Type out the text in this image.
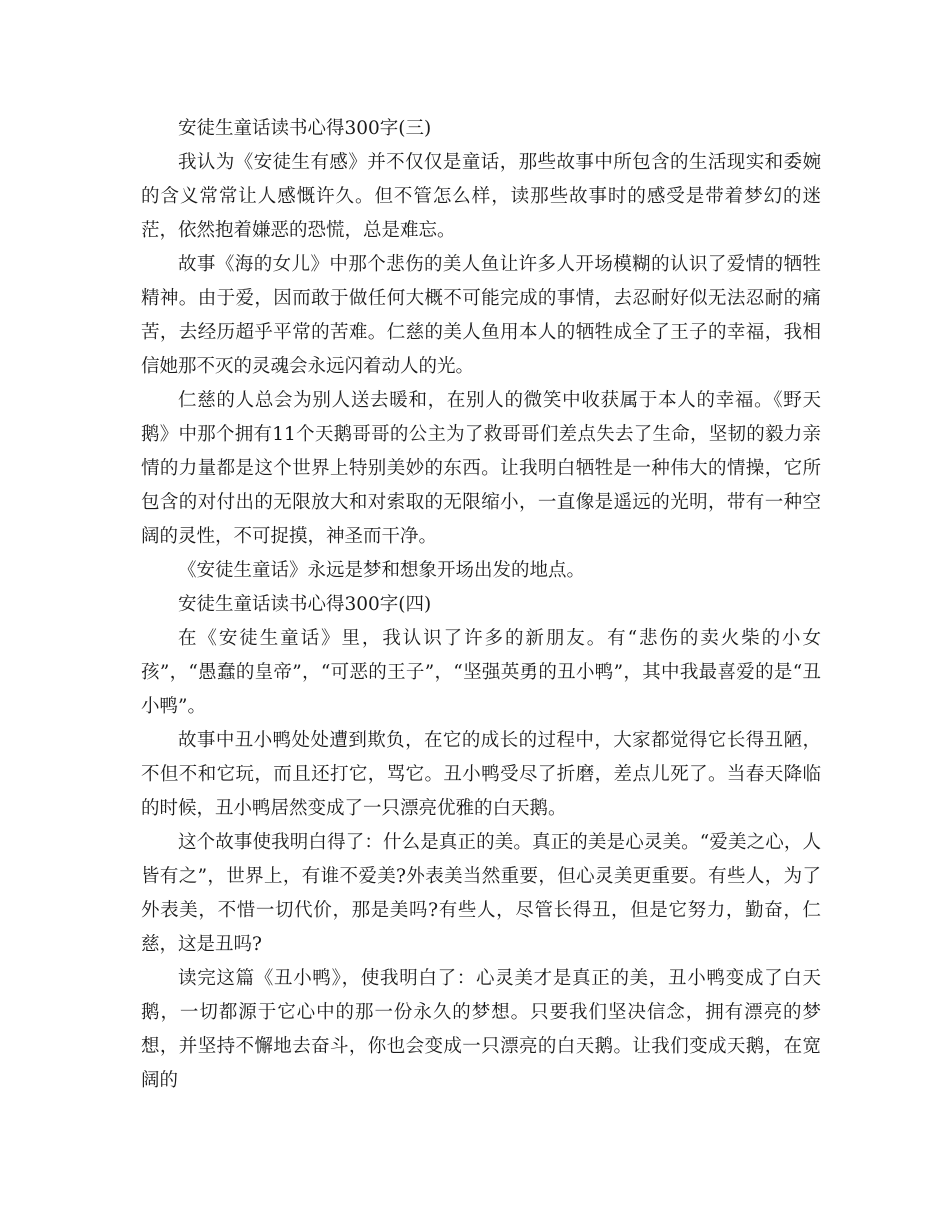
安徒生童话读书心得300字(三)

我认为《安徒生有感》并不仅仅是童话，那些故事中所包含的生活现实和委婉的含义常常让人感慨许久。但不管怎么样，读那些故事时的感受是带着梦幻的迷茫，依然抱着嫌恶的恐慌，总是难忘。

故事《海的女儿》中那个悲伤的美人鱼让许多人开场模糊的认识了爱情的牺牲精神。由于爱，因而敢于做任何大概不可能完成的事情，去忍耐好似无法忍耐的痛苦，去经历超乎平常的苦难。仁慈的美人鱼用本人的牺牲成全了王子的幸福，我相信她那不灭的灵魂会永远闪着动人的光。

仁慈的人总会为别人送去暖和，在别人的微笑中收获属于本人的幸福。《野天鹅》中那个拥有11个天鹅哥哥的公主为了救哥哥们差点失去了生命，坚韧的毅力亲情的力量都是这个世界上特别美妙的东西。让我明白牺牲是一种伟大的情操，它所包含的对付出的无限放大和对索取的无限缩小，一直像是遥远的光明，带有一种空阔的灵性，不可捉摸，神圣而干净。

《安徒生童话》永远是梦和想象开场出发的地点。

安徒生童话读书心得300字(四)

在《安徒生童话》里，我认识了许多的新朋友。有“悲伤的卖火柴的小女孩”，“愚蠢的皇帝”，“可恶的王子”，“坚强英勇的丑小鸭”，其中我最喜爱的是“丑小鸭”。

故事中丑小鸭处处遭到欺负，在它的成长的过程中，大家都觉得它长得丑陋，不但不和它玩，而且还打它，骂它。丑小鸭受尽了折磨，差点儿死了。当春天降临的时候，丑小鸭居然变成了一只漂亮优雅的白天鹅。

这个故事使我明白得了：什么是真正的美。真正的美是心灵美。“爱美之心，人皆有之”，世界上，有谁不爱美?外表美当然重要，但心灵美更重要。有些人，为了外表美，不惜一切代价，那是美吗?有些人，尽管长得丑，但是它努力，勤奋，仁慈，这是丑吗?

读完这篇《丑小鸭》，使我明白了：心灵美才是真正的美，丑小鸭变成了白天鹅，一切都源于它心中的那一份永久的梦想。只要我们坚决信念，拥有漂亮的梦想，并坚持不懈地去奋斗，你也会变成一只漂亮的白天鹅。让我们变成天鹅，在宽阔的
